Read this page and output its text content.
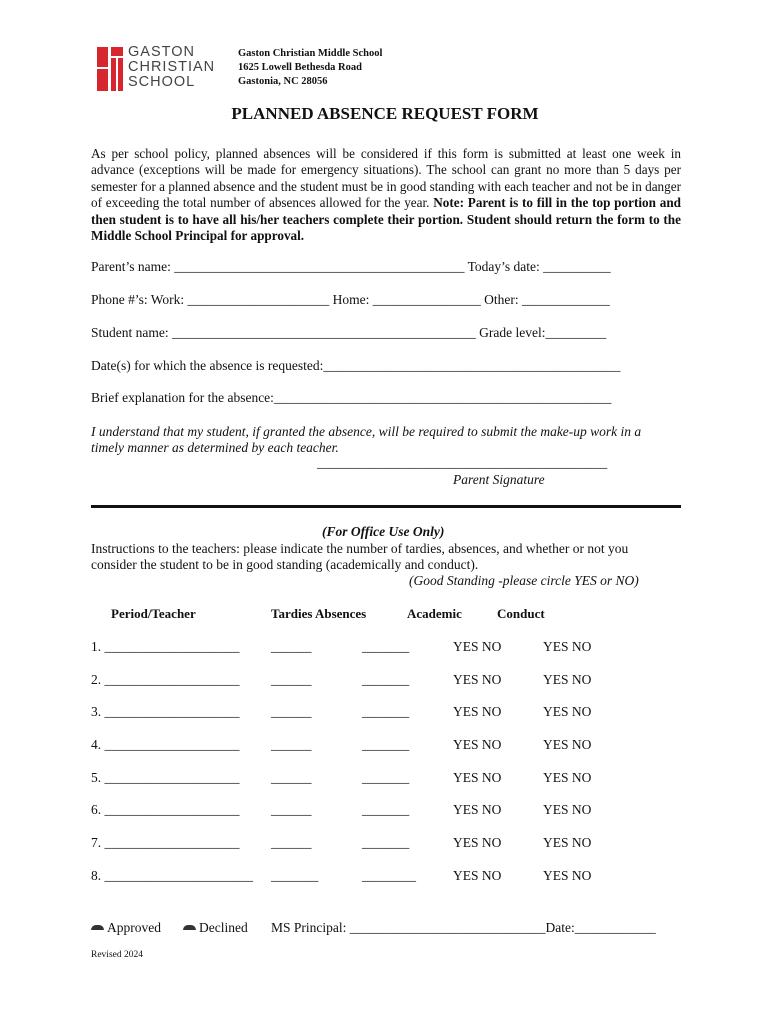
GASTON
CHRISTIAN
SCHOOL
Gaston Christian Middle School
1625 Lowell Bethesda Road
Gastonia, NC 28056
PLANNED ABSENCE REQUEST FORM
As per school policy, planned absences will be considered if this form is submitted at least one week in advance (exceptions will be made for emergency situations). The school can grant no more than 5 days per semester for a planned absence and the student must be in good standing with each teacher and not be in danger of exceeding the total number of absences allowed for the year. Note: Parent is to fill in the top portion and then student is to have all his/her teachers complete their portion. Student should return the form to the Middle School Principal for approval.
Parent’s name: ___________________________________________ Today’s date: __________
Phone #’s: Work: _____________________ Home: ________________ Other: _____________
Student name: _____________________________________________ Grade level:_________
Date(s) for which the absence is requested:____________________________________________
Brief explanation for the absence:__________________________________________________
I understand that my student, if granted the absence, will be required to submit the make-up work in a
timely manner as determined by each teacher.
___________________________________________
Parent Signature
(For Office Use Only)
Instructions to the teachers: please indicate the number of tardies, absences, and whether or not you
consider the student to be in good standing (academically and conduct).
(Good Standing -please circle YES or NO)
Period/Teacher	Tardies Absences	Academic	Conduct
1. ____________________ ______	_______	YES NO	YES NO
2. ____________________ ______	_______	YES NO	YES NO
3. ____________________ ______	_______	YES NO	YES NO
4. ____________________ ______	_______	YES NO	YES NO
5. ____________________ ______	_______	YES NO	YES NO
6. ____________________ ______	_______	YES NO	YES NO
7. ____________________ ______	_______	YES NO	YES NO
8. ______________________ _______	________	YES NO	YES NO
Approved	Declined MS Principal: _____________________________Date:____________
Revised 2024
